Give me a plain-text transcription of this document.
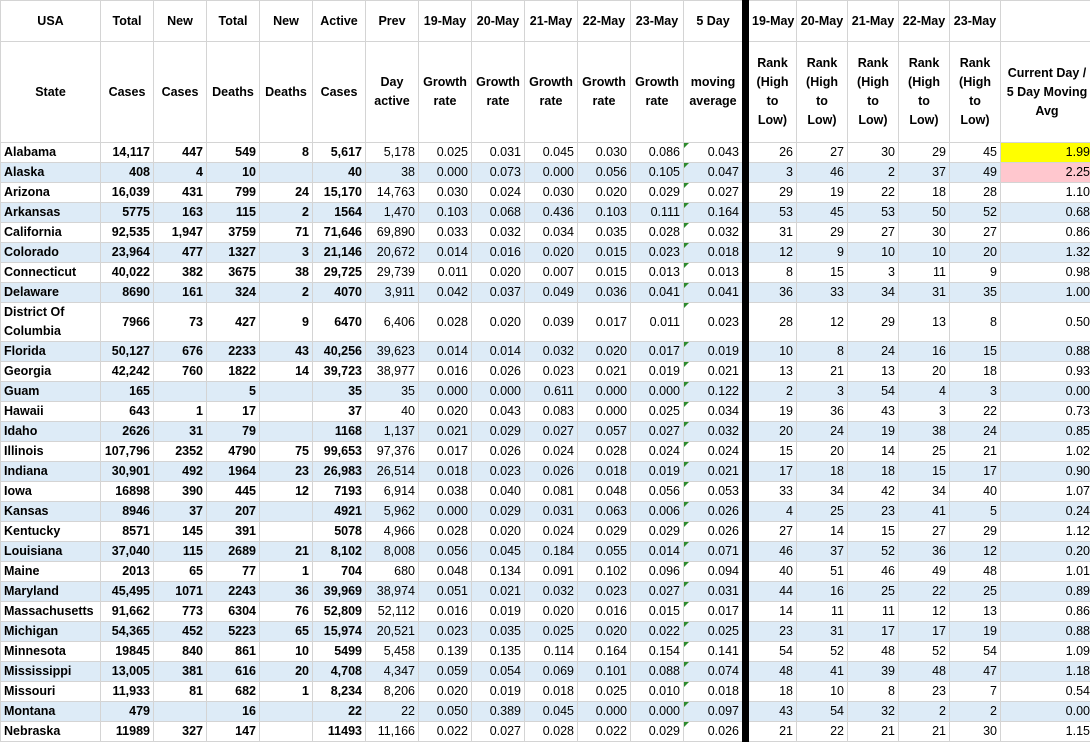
USA	Total	New	Total	New	Active	Prev	19-May	20-May	21-May	22-May	23-May	5 Day	19-May	20-May	21-May	22-May	23-May	
State	Cases	Cases	Deaths	Deaths	Cases	Day active	Growth rate	Growth rate	Growth rate	Growth rate	Growth rate	moving average	Rank (High to Low)	Rank (High to Low)	Rank (High to Low)	Rank (High to Low)	Rank (High to Low)	Current Day / 5 Day Moving Avg
Alabama	14,117	447	549	8	5,617	5,178	0.025	0.031	0.045	0.030	0.086	0.043	26	27	30	29	45	1.99
Alaska	408	4	10		40	38	0.000	0.073	0.000	0.056	0.105	0.047	3	46	2	37	49	2.25
Arizona	16,039	431	799	24	15,170	14,763	0.030	0.024	0.030	0.020	0.029	0.027	29	19	22	18	28	1.10
Arkansas	5775	163	115	2	1564	1,470	0.103	0.068	0.436	0.103	0.111	0.164	53	45	53	50	52	0.68
California	92,535	1,947	3759	71	71,646	69,890	0.033	0.032	0.034	0.035	0.028	0.032	31	29	27	30	27	0.86
Colorado	23,964	477	1327	3	21,146	20,672	0.014	0.016	0.020	0.015	0.023	0.018	12	9	10	10	20	1.32
Connecticut	40,022	382	3675	38	29,725	29,739	0.011	0.020	0.007	0.015	0.013	0.013	8	15	3	11	9	0.98
Delaware	8690	161	324	2	4070	3,911	0.042	0.037	0.049	0.036	0.041	0.041	36	33	34	31	35	1.00
District Of Columbia	7966	73	427	9	6470	6,406	0.028	0.020	0.039	0.017	0.011	0.023	28	12	29	13	8	0.50
Florida	50,127	676	2233	43	40,256	39,623	0.014	0.014	0.032	0.020	0.017	0.019	10	8	24	16	15	0.88
Georgia	42,242	760	1822	14	39,723	38,977	0.016	0.026	0.023	0.021	0.019	0.021	13	21	13	20	18	0.93
Guam	165		5		35	35	0.000	0.000	0.611	0.000	0.000	0.122	2	3	54	4	3	0.00
Hawaii	643	1	17		37	40	0.020	0.043	0.083	0.000	0.025	0.034	19	36	43	3	22	0.73
Idaho	2626	31	79		1168	1,137	0.021	0.029	0.027	0.057	0.027	0.032	20	24	19	38	24	0.85
Illinois	107,796	2352	4790	75	99,653	97,376	0.017	0.026	0.024	0.028	0.024	0.024	15	20	14	25	21	1.02
Indiana	30,901	492	1964	23	26,983	26,514	0.018	0.023	0.026	0.018	0.019	0.021	17	18	18	15	17	0.90
Iowa	16898	390	445	12	7193	6,914	0.038	0.040	0.081	0.048	0.056	0.053	33	34	42	34	40	1.07
Kansas	8946	37	207		4921	5,962	0.000	0.029	0.031	0.063	0.006	0.026	4	25	23	41	5	0.24
Kentucky	8571	145	391		5078	4,966	0.028	0.020	0.024	0.029	0.029	0.026	27	14	15	27	29	1.12
Louisiana	37,040	115	2689	21	8,102	8,008	0.056	0.045	0.184	0.055	0.014	0.071	46	37	52	36	12	0.20
Maine	2013	65	77	1	704	680	0.048	0.134	0.091	0.102	0.096	0.094	40	51	46	49	48	1.01
Maryland	45,495	1071	2243	36	39,969	38,974	0.051	0.021	0.032	0.023	0.027	0.031	44	16	25	22	25	0.89
Massachusetts	91,662	773	6304	76	52,809	52,112	0.016	0.019	0.020	0.016	0.015	0.017	14	11	11	12	13	0.86
Michigan	54,365	452	5223	65	15,974	20,521	0.023	0.035	0.025	0.020	0.022	0.025	23	31	17	17	19	0.88
Minnesota	19845	840	861	10	5499	5,458	0.139	0.135	0.114	0.164	0.154	0.141	54	52	48	52	54	1.09
Mississippi	13,005	381	616	20	4,708	4,347	0.059	0.054	0.069	0.101	0.088	0.074	48	41	39	48	47	1.18
Missouri	11,933	81	682	1	8,234	8,206	0.020	0.019	0.018	0.025	0.010	0.018	18	10	8	23	7	0.54
Montana	479		16		22	22	0.050	0.389	0.045	0.000	0.000	0.097	43	54	32	2	2	0.00
Nebraska	11989	327	147		11493	11,166	0.022	0.027	0.028	0.022	0.029	0.026	21	22	21	21	30	1.15
